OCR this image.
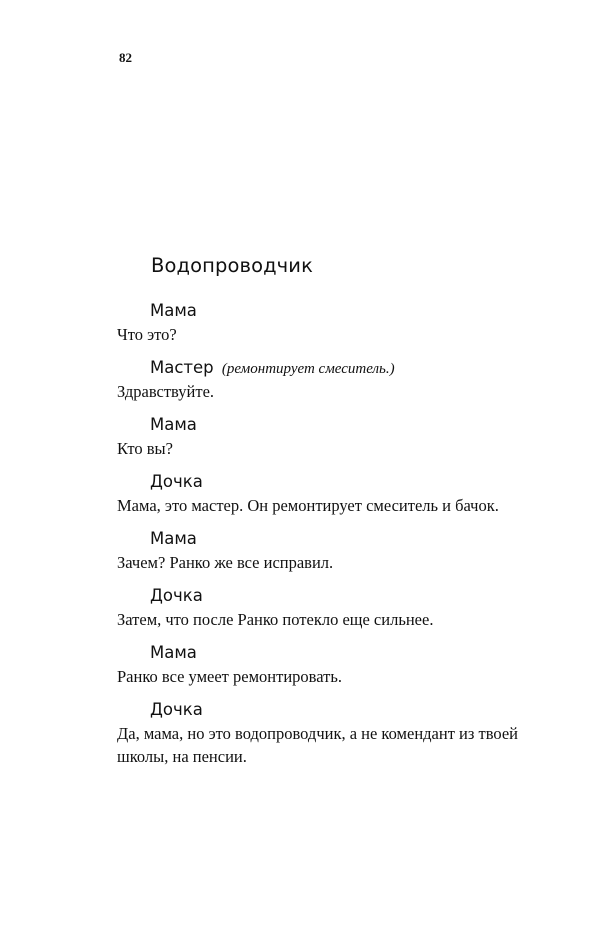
82
Водопроводчик
Мама
Что это?
Мастер (ремонтирует смеситель.)
Здравствуйте.
Мама
Кто вы?
Дочка
Мама, это мастер. Он ремонтирует смеситель и бачок.
Мама
Зачем? Ранко же все исправил.
Дочка
Затем, что после Ранко потекло еще сильнее.
Мама
Ранко все умеет ремонтировать.
Дочка
Да, мама, но это водопроводчик, а не комендант из твоей школы, на пенсии.
